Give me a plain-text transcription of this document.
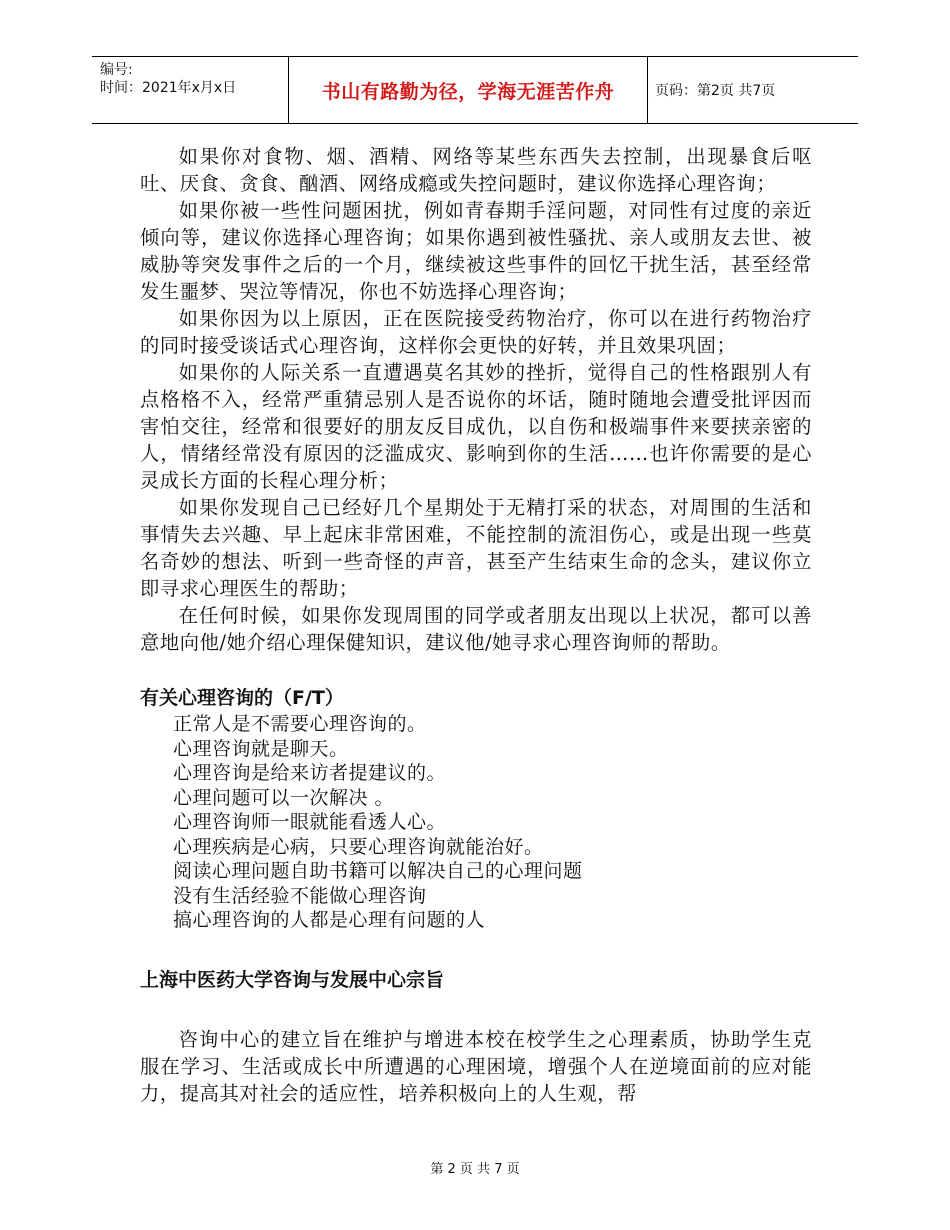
编号:
时间：2021年x月x日	书山有路勤为径，学海无涯苦作舟	页码：第2页 共7页

如果你对食物、烟、酒精、网络等某些东西失去控制，出现暴食后呕吐、厌食、贪食、酗酒、网络成瘾或失控问题时，建议你选择心理咨询；

如果你被一些性问题困扰，例如青春期手淫问题，对同性有过度的亲近倾向等，建议你选择心理咨询；如果你遇到被性骚扰、亲人或朋友去世、被威胁等突发事件之后的一个月，继续被这些事件的回忆干扰生活，甚至经常发生噩梦、哭泣等情况，你也不妨选择心理咨询；

如果你因为以上原因，正在医院接受药物治疗，你可以在进行药物治疗的同时接受谈话式心理咨询，这样你会更快的好转，并且效果巩固；

如果你的人际关系一直遭遇莫名其妙的挫折，觉得自己的性格跟别人有点格格不入，经常严重猜忌别人是否说你的坏话，随时随地会遭受批评因而害怕交往，经常和很要好的朋友反目成仇，以自伤和极端事件来要挟亲密的人，情绪经常没有原因的泛滥成灾、影响到你的生活……也许你需要的是心灵成长方面的长程心理分析；

如果你发现自己已经好几个星期处于无精打采的状态，对周围的生活和事情失去兴趣、早上起床非常困难，不能控制的流泪伤心，或是出现一些莫名奇妙的想法、听到一些奇怪的声音，甚至产生结束生命的念头，建议你立即寻求心理医生的帮助；

在任何时候，如果你发现周围的同学或者朋友出现以上状况，都可以善意地向他/她介绍心理保健知识，建议他/她寻求心理咨询师的帮助。

有关心理咨询的（F/T）

正常人是不需要心理咨询的。
心理咨询就是聊天。
心理咨询是给来访者提建议的。
心理问题可以一次解决 。
心理咨询师一眼就能看透人心。
心理疾病是心病，只要心理咨询就能治好。
阅读心理问题自助书籍可以解决自己的心理问题
没有生活经验不能做心理咨询
搞心理咨询的人都是心理有问题的人

上海中医药大学咨询与发展中心宗旨

咨询中心的建立旨在维护与增进本校在校学生之心理素质，协助学生克服在学习、生活或成长中所遭遇的心理困境，增强个人在逆境面前的应对能力，提高其对社会的适应性，培养积极向上的人生观，帮

第 2 页 共 7 页
